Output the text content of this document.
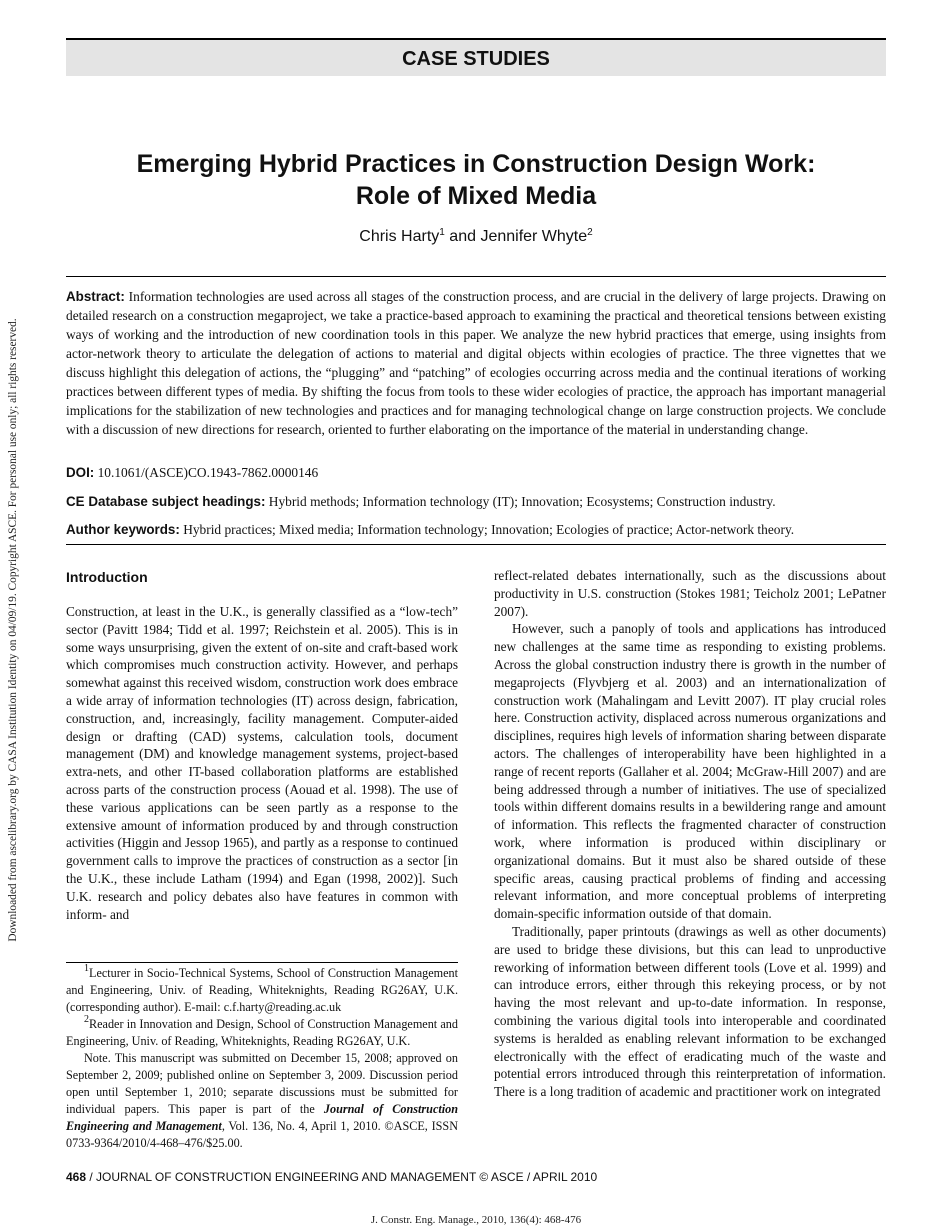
Downloaded from ascelibrary.org by CASA Institution Identity on 04/09/19. Copyright ASCE. For personal use only; all rights reserved.
CASE STUDIES
Emerging Hybrid Practices in Construction Design Work:
Role of Mixed Media
Chris Harty$^1$ and Jennifer Whyte$^2$
Abstract: Information technologies are used across all stages of the construction process, and are crucial in the delivery of large projects. Drawing on detailed research on a construction megaproject, we take a practice-based approach to examining the practical and theoretical tensions between existing ways of working and the introduction of new coordination tools in this paper. We analyze the new hybrid practices that emerge, using insights from actor-network theory to articulate the delegation of actions to material and digital objects within ecologies of practice. The three vignettes that we discuss highlight this delegation of actions, the “plugging” and “patching” of ecologies occurring across media and the continual iterations of working practices between different types of media. By shifting the focus from tools to these wider ecologies of practice, the approach has important managerial implications for the stabilization of new technologies and practices and for managing technological change on large construction projects. We conclude with a discussion of new directions for research, oriented to further elaborating on the importance of the material in understanding change.
DOI: 10.1061/(ASCE)CO.1943-7862.0000146
CE Database subject headings: Hybrid methods; Information technology (IT); Innovation; Ecosystems; Construction industry.
Author keywords: Hybrid practices; Mixed media; Information technology; Innovation; Ecologies of practice; Actor-network theory.
Introduction

Construction, at least in the U.K., is generally classified as a “low-tech” sector (Pavitt 1984; Tidd et al. 1997; Reichstein et al. 2005). This is in some ways unsurprising, given the extent of on-site and craft-based work which compromises much construction activity. However, and perhaps somewhat against this received wisdom, construction work does embrace a wide array of information technologies (IT) across design, fabrication, construction, and, increasingly, facility management. Computer-aided design or drafting (CAD) systems, calculation tools, document management (DM) and knowledge management systems, project-based extra-nets, and other IT-based collaboration platforms are established across parts of the construction process (Aouad et al. 1998). The use of these various applications can be seen partly as a response to the extensive amount of information produced by and through construction activities (Higgin and Jessop 1965), and partly as a response to continued government calls to improve the practices of construction as a sector [in the U.K., these include Latham (1994) and Egan (1998, 2002)]. Such U.K. research and policy debates also have features in common with inform- and

$^1$Lecturer in Socio-Technical Systems, School of Construction Management and Engineering, Univ. of Reading, Whiteknights, Reading RG26AY, U.K. (corresponding author). E-mail: c.f.harty@reading.ac.uk

$^2$Reader in Innovation and Design, School of Construction Management and Engineering, Univ. of Reading, Whiteknights, Reading RG26AY, U.K.

Note. This manuscript was submitted on December 15, 2008; approved on September 2, 2009; published online on September 3, 2009. Discussion period open until September 1, 2010; separate discussions must be submitted for individual papers. This paper is part of the Journal of Construction Engineering and Management, Vol. 136, No. 4, April 1, 2010. ©ASCE, ISSN 0733-9364/2010/4-468–476/$25.00.

reflect-related debates internationally, such as the discussions about productivity in U.S. construction (Stokes 1981; Teicholz 2001; LePatner 2007).

However, such a panoply of tools and applications has introduced new challenges at the same time as responding to existing problems. Across the global construction industry there is growth in the number of megaprojects (Flyvbjerg et al. 2003) and an internationalization of construction work (Mahalingam and Levitt 2007). IT play crucial roles here. Construction activity, displaced across numerous organizations and disciplines, requires high levels of information sharing between disparate actors. The challenges of interoperability have been highlighted in a range of recent reports (Gallaher et al. 2004; McGraw-Hill 2007) and are being addressed through a number of initiatives. The use of specialized tools within different domains results in a bewildering range and amount of information. This reflects the fragmented character of construction work, where information is produced within disciplinary or organizational domains. But it must also be shared outside of these specific areas, causing practical problems of finding and accessing relevant information, and more conceptual problems of interpreting domain-specific information outside of that domain.

Traditionally, paper printouts (drawings as well as other documents) are used to bridge these divisions, but this can lead to unproductive reworking of information between different tools (Love et al. 1999) and can introduce errors, either through this rekeying process, or by not having the most relevant and up-to-date information. In response, combining the various digital tools into interoperable and coordinated systems is heralded as enabling relevant information to be exchanged electronically with the effect of eradicating much of the waste and potential errors introduced through this reinterpretation of information. There is a long tradition of academic and practitioner work on integrated

468 / JOURNAL OF CONSTRUCTION ENGINEERING AND MANAGEMENT © ASCE / APRIL 2010
J. Constr. Eng. Manage., 2010, 136(4): 468-476
